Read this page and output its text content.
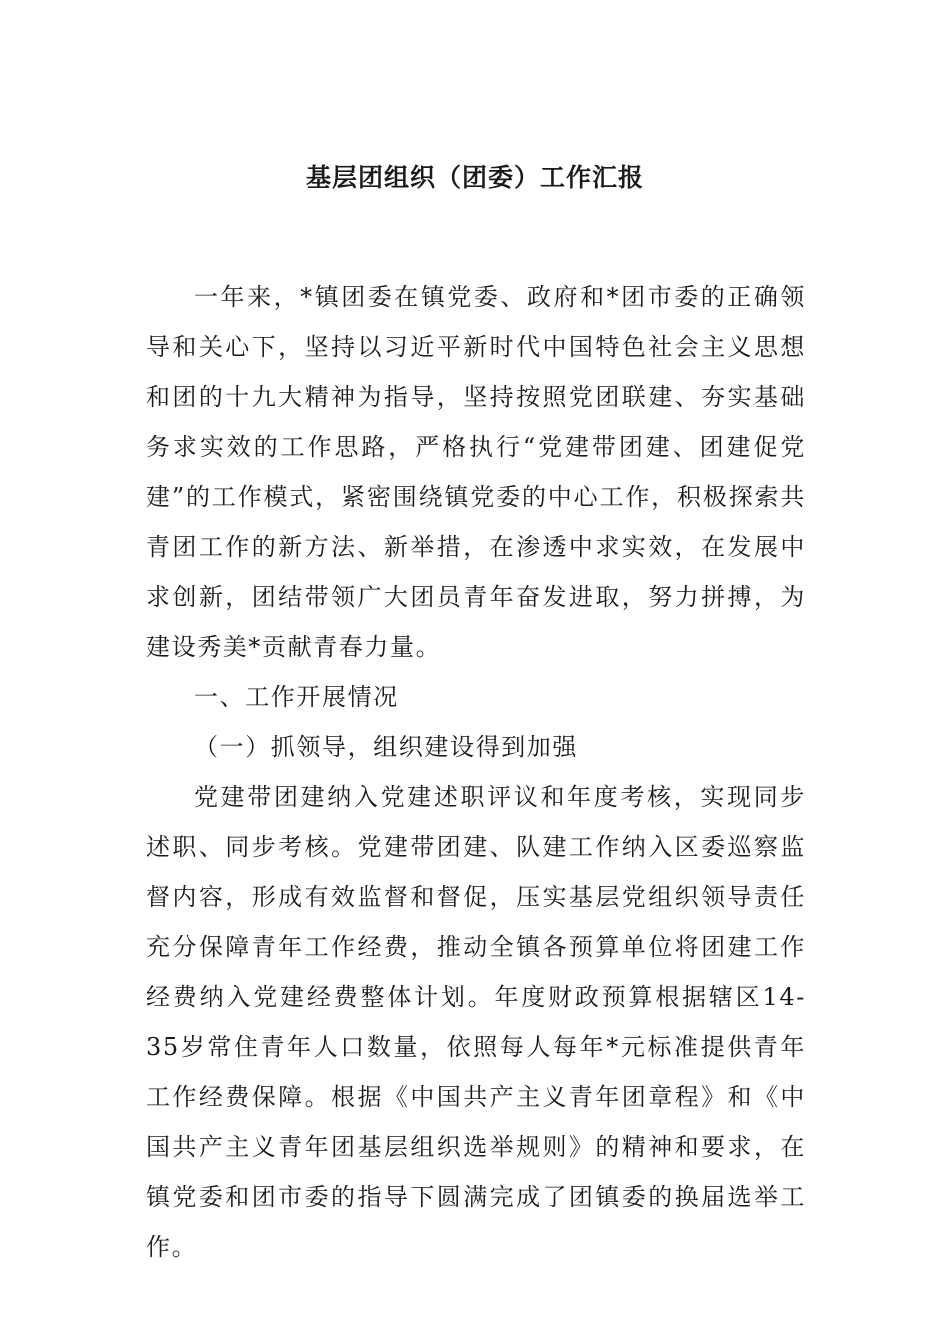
基层团组织（团委）工作汇报

一年来，*镇团委在镇党委、政府和*团市委的正确领导和关心下，坚持以习近平新时代中国特色社会主义思想和团的十九大精神为指导，坚持按照党团联建、夯实基础务求实效的工作思路，严格执行“党建带团建、团建促党建”的工作模式，紧密围绕镇党委的中心工作，积极探索共青团工作的新方法、新举措，在渗透中求实效，在发展中求创新，团结带领广大团员青年奋发进取，努力拼搏，为建设秀美*贡献青春力量。

一、工作开展情况

（一）抓领导，组织建设得到加强

党建带团建纳入党建述职评议和年度考核，实现同步述职、同步考核。党建带团建、队建工作纳入区委巡察监督内容，形成有效监督和督促，压实基层党组织领导责任充分保障青年工作经费，推动全镇各预算单位将团建工作经费纳入党建经费整体计划。年度财政预算根据辖区14-35岁常住青年人口数量，依照每人每年*元标准提供青年工作经费保障。根据《中国共产主义青年团章程》和《中国共产主义青年团基层组织选举规则》的精神和要求，在镇党委和团市委的指导下圆满完成了团镇委的换届选举工作。
